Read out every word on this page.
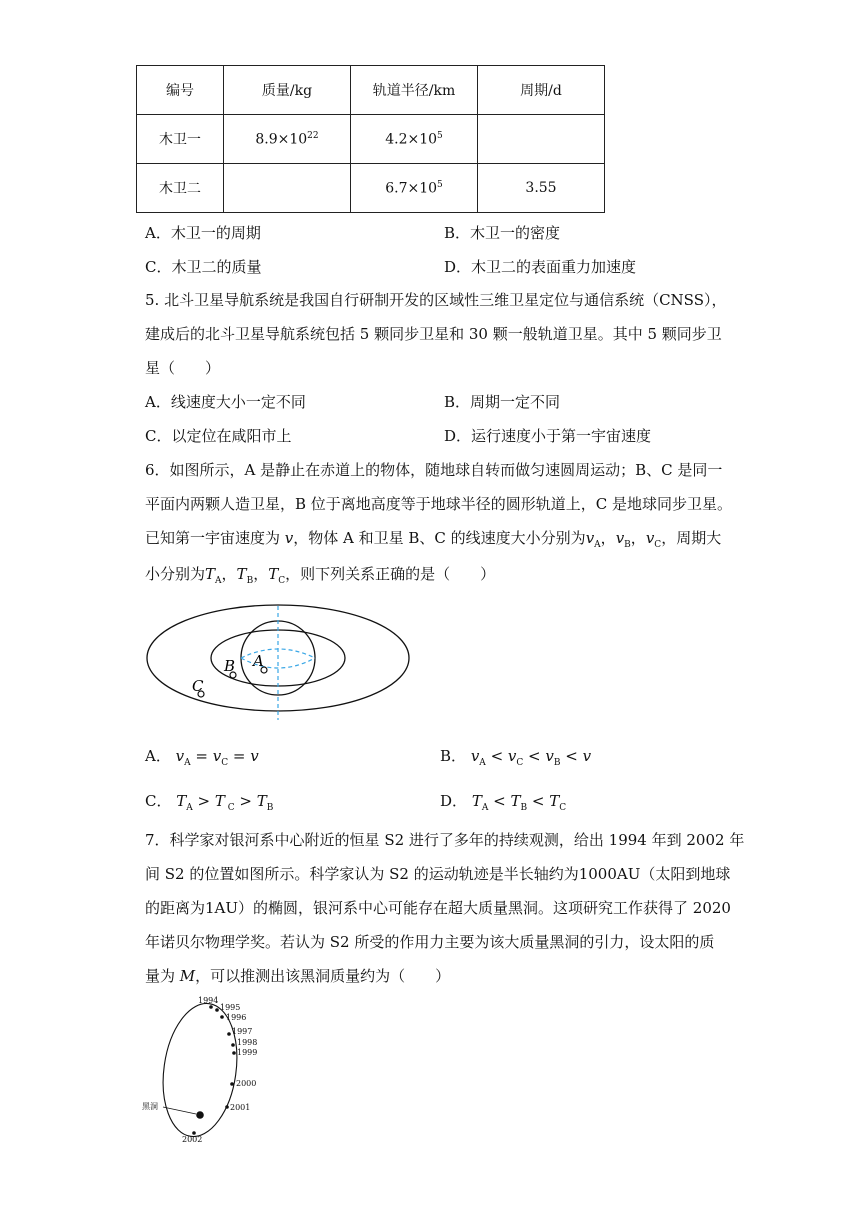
编号	质量/kg	轨道半径/km	周期/d
木卫一	$8.9\times 10^{22}$	$4.2\times 10^5$	
木卫二		$6.7\times 10^5$	3.55
A．木卫一的周期	B．木卫一的密度
C．木卫二的质量	D．木卫二的表面重力加速度
5. 北斗卫星导航系统是我国自行研制开发的区域性三维卫星定位与通信系统（CNSS），
建成后的北斗卫星导航系统包括 5 颗同步卫星和 30 颗一般轨道卫星。其中 5 颗同步卫
星（　　）
A．线速度大小一定不同	B．周期一定不同
C．以定位在咸阳市上	D．运行速度小于第一宇宙速度
6．如图所示，A 是静止在赤道上的物体，随地球自转而做匀速圆周运动；B、C 是同一
平面内两颗人造卫星，B 位于离地高度等于地球半径的圆形轨道上，C 是地球同步卫星。
已知第一宇宙速度为 v，物体 A 和卫星 B、C 的线速度大小分别为$v_A$，$v_B$，$v_C$，周期大
小分别为$T_A$，$T_B$，$T_C$，则下列关系正确的是（　　）
A
B
C
A． $v_A = v_C = v$	B． $v_A < v_C < v_B < v$
C． $T_A > T$ $_C > T_B$	D． $T_A < T_B < T_C$
7．科学家对银河系中心附近的恒星 S2 进行了多年的持续观测，给出 1994 年到 2002 年
间 S2 的位置如图所示。科学家认为 S2 的运动轨迹是半长轴约为1000AU（太阳到地球
的距离为1AU）的椭圆，银河系中心可能存在超大质量黑洞。这项研究工作获得了 2020
年诺贝尔物理学奖。若认为 S2 所受的作用力主要为该大质量黑洞的引力，设太阳的质
量为 M，可以推测出该黑洞质量约为（　　）
1994
1995
1996
1997
1998
1999
2000
2001
2002
黑洞
